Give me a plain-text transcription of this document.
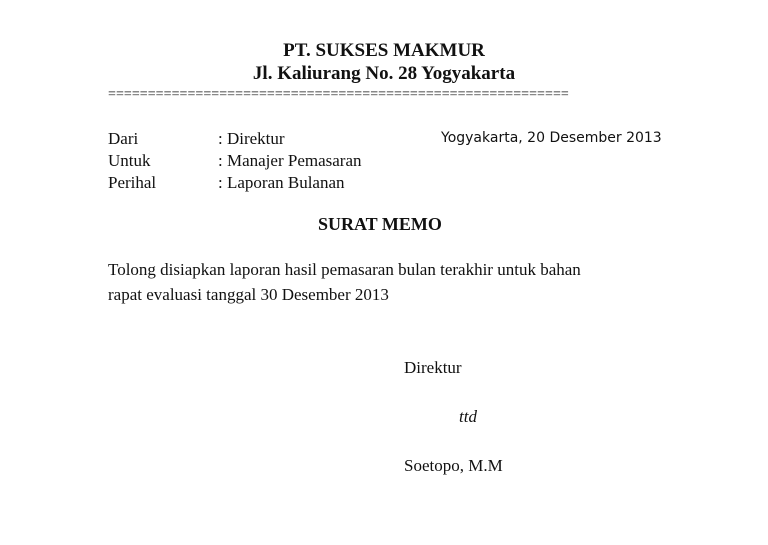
PT. SUKSES MAKMUR
Jl. Kaliurang No. 28 Yogyakarta
==========================================================
Dari	: Direktur	Yogyakarta, 20 Desember 2013
Untuk	: Manajer Pemasaran
Perihal	: Laporan Bulanan
SURAT MEMO
Tolong disiapkan laporan hasil pemasaran bulan terakhir untuk bahan
rapat evaluasi tanggal 30 Desember 2013
Direktur
ttd
Soetopo, M.M
